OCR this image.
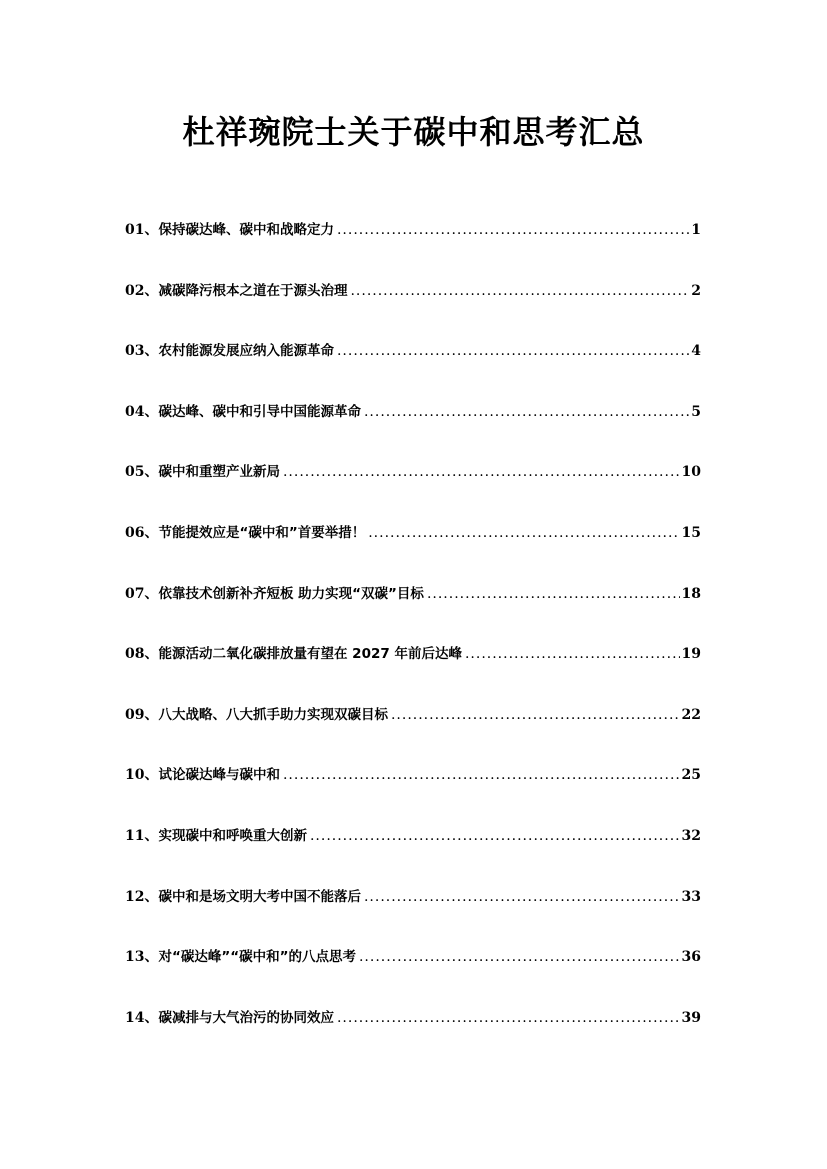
杜祥琬院士关于碳中和思考汇总
01、 保持碳达峰、碳中和战略定力 .....	1
02、 减碳降污根本之道在于源头治理 .....	2
03、 农村能源发展应纳入能源革命 .....	4
04、 碳达峰、碳中和引导中国能源革命 .....	5
05、 碳中和重塑产业新局 .....	10
06、 节能提效应是“碳中和”首要举措！ .....	15
07、 依靠技术创新补齐短板 助力实现“双碳”目标 .....	18
08、 能源活动二氧化碳排放量有望在 2027 年前后达峰 .....	19
09、 八大战略、八大抓手助力实现双碳目标 .....	22
10、 试论碳达峰与碳中和 .....	25
11、 实现碳中和呼唤重大创新 .....	32
12、 碳中和是场文明大考中国不能落后 .....	33
13、 对“碳达峰”“碳中和”的八点思考 .....	36
14、 碳减排与大气治污的协同效应 .....	39
